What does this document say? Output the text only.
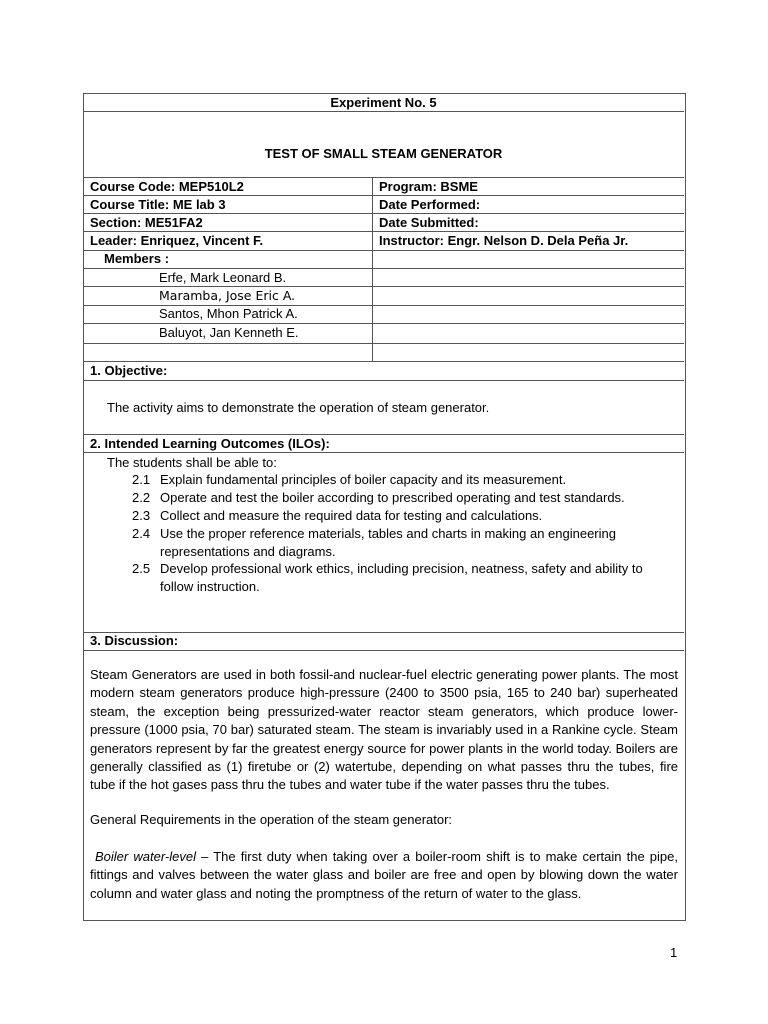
Experiment No. 5
TEST OF SMALL STEAM GENERATOR
Course Code: MEP510L2	Program: BSME
Course Title: ME lab 3	Date Performed:
Section: ME51FA2	Date Submitted:
Leader: Enriquez, Vincent F.	Instructor: Engr. Nelson D. Dela Peña Jr.
Members :
Erfe, Mark Leonard B.
Maramba, Jose Eric A.
Santos, Mhon Patrick A.
Baluyot, Jan Kenneth E.
1. Objective:
The activity aims to demonstrate the operation of steam generator.
2. Intended Learning Outcomes (ILOs):
The students shall be able to:
2.1 Explain fundamental principles of boiler capacity and its measurement.
2.2 Operate and test the boiler according to prescribed operating and test standards.
2.3 Collect and measure the required data for testing and calculations.
2.4 Use the proper reference materials, tables and charts in making an engineering representations and diagrams.
2.5 Develop professional work ethics, including precision, neatness, safety and ability to follow instruction.
3. Discussion:
Steam Generators are used in both fossil-and nuclear-fuel electric generating power plants. The most modern steam generators produce high-pressure (2400 to 3500 psia, 165 to 240 bar) superheated steam, the exception being pressurized-water reactor steam generators, which produce lower-pressure (1000 psia, 70 bar) saturated steam. The steam is invariably used in a Rankine cycle. Steam generators represent by far the greatest energy source for power plants in the world today. Boilers are generally classified as (1) firetube or (2) watertube, depending on what passes thru the tubes, fire tube if the hot gases pass thru the tubes and water tube if the water passes thru the tubes.
General Requirements in the operation of the steam generator:
Boiler water-level – The first duty when taking over a boiler-room shift is to make certain the pipe, fittings and valves between the water glass and boiler are free and open by blowing down the water column and water glass and noting the promptness of the return of water to the glass.
1
